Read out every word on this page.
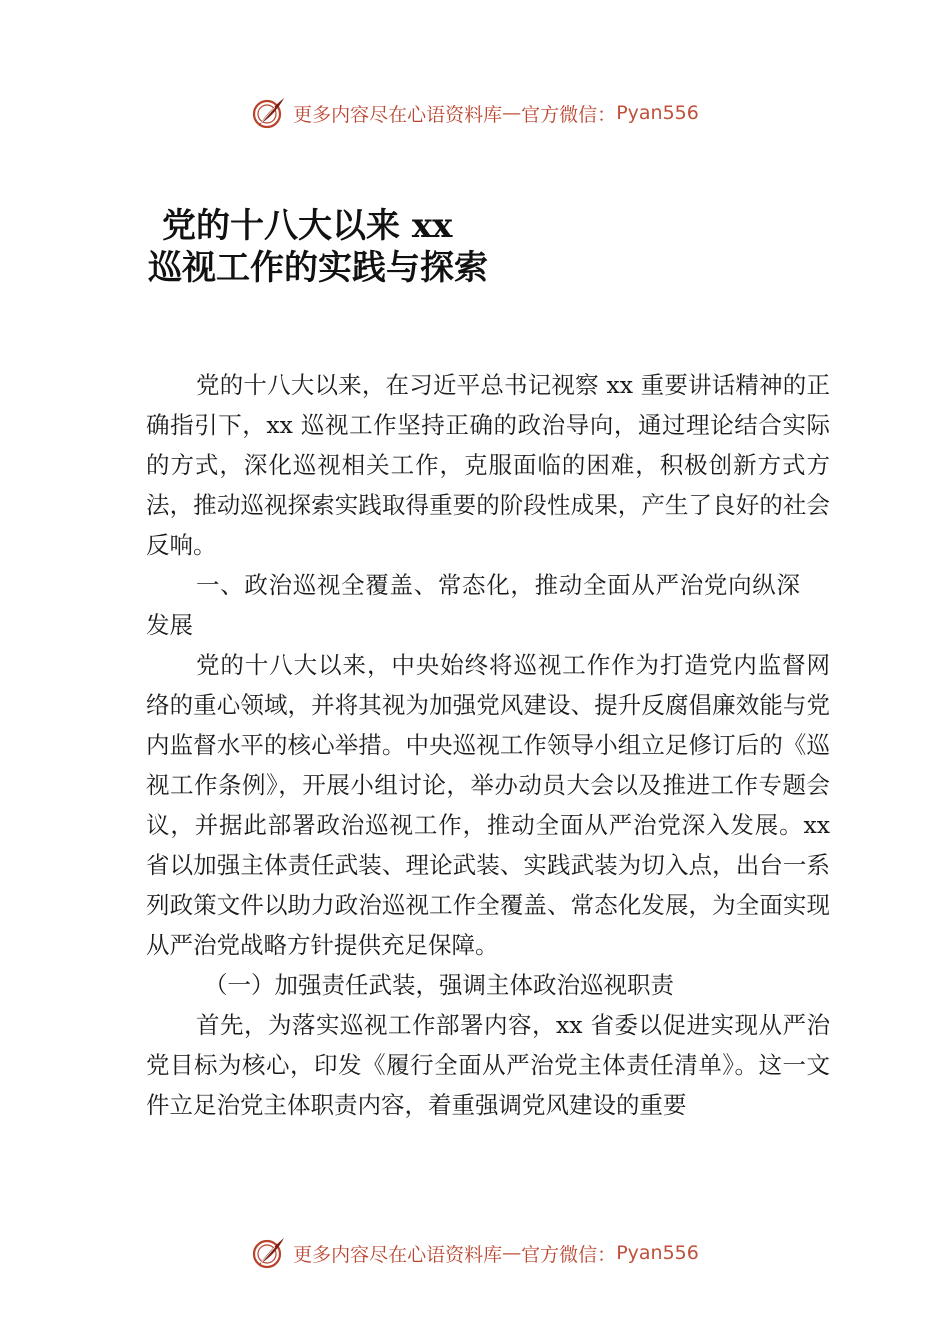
更多内容尽在心语资料库 — 官方微信： Pyan556
党的十八大以来 xx
巡视工作的实践与探索

党的十八大以来，在习近平总书记视察 xx 重要讲话精神的正确指引下，xx 巡视工作坚持正确的政治导向，通过理论结合实际的方式，深化巡视相关工作，克服面临的困难，积极创新方式方法，推动巡视探索实践取得重要的阶段性成果，产生了良好的社会反响。

一、政治巡视全覆盖、常态化，推动全面从严治党向纵深发展

党的十八大以来，中央始终将巡视工作作为打造党内监督网络的重心领域，并将其视为加强党风建设、提升反腐倡廉效能与党内监督水平的核心举措。中央巡视工作领导小组立足修订后的《巡视工作条例》，开展小组讨论，举办动员大会以及推进工作专题会议，并据此部署政治巡视工作，推动全面从严治党深入发展。xx 省以加强主体责任武装、理论武装、实践武装为切入点，出台一系列政策文件以助力政治巡视工作全覆盖、常态化发展，为全面实现从严治党战略方针提供充足保障。

（一）加强责任武装，强调主体政治巡视职责

首先，为落实巡视工作部署内容，xx 省委以促进实现从严治党目标为核心，印发《履行全面从严治党主体责任清单》。这一文件立足治党主体职责内容，着重强调党风建设的重要

更多内容尽在心语资料库 — 官方微信： Pyan556
